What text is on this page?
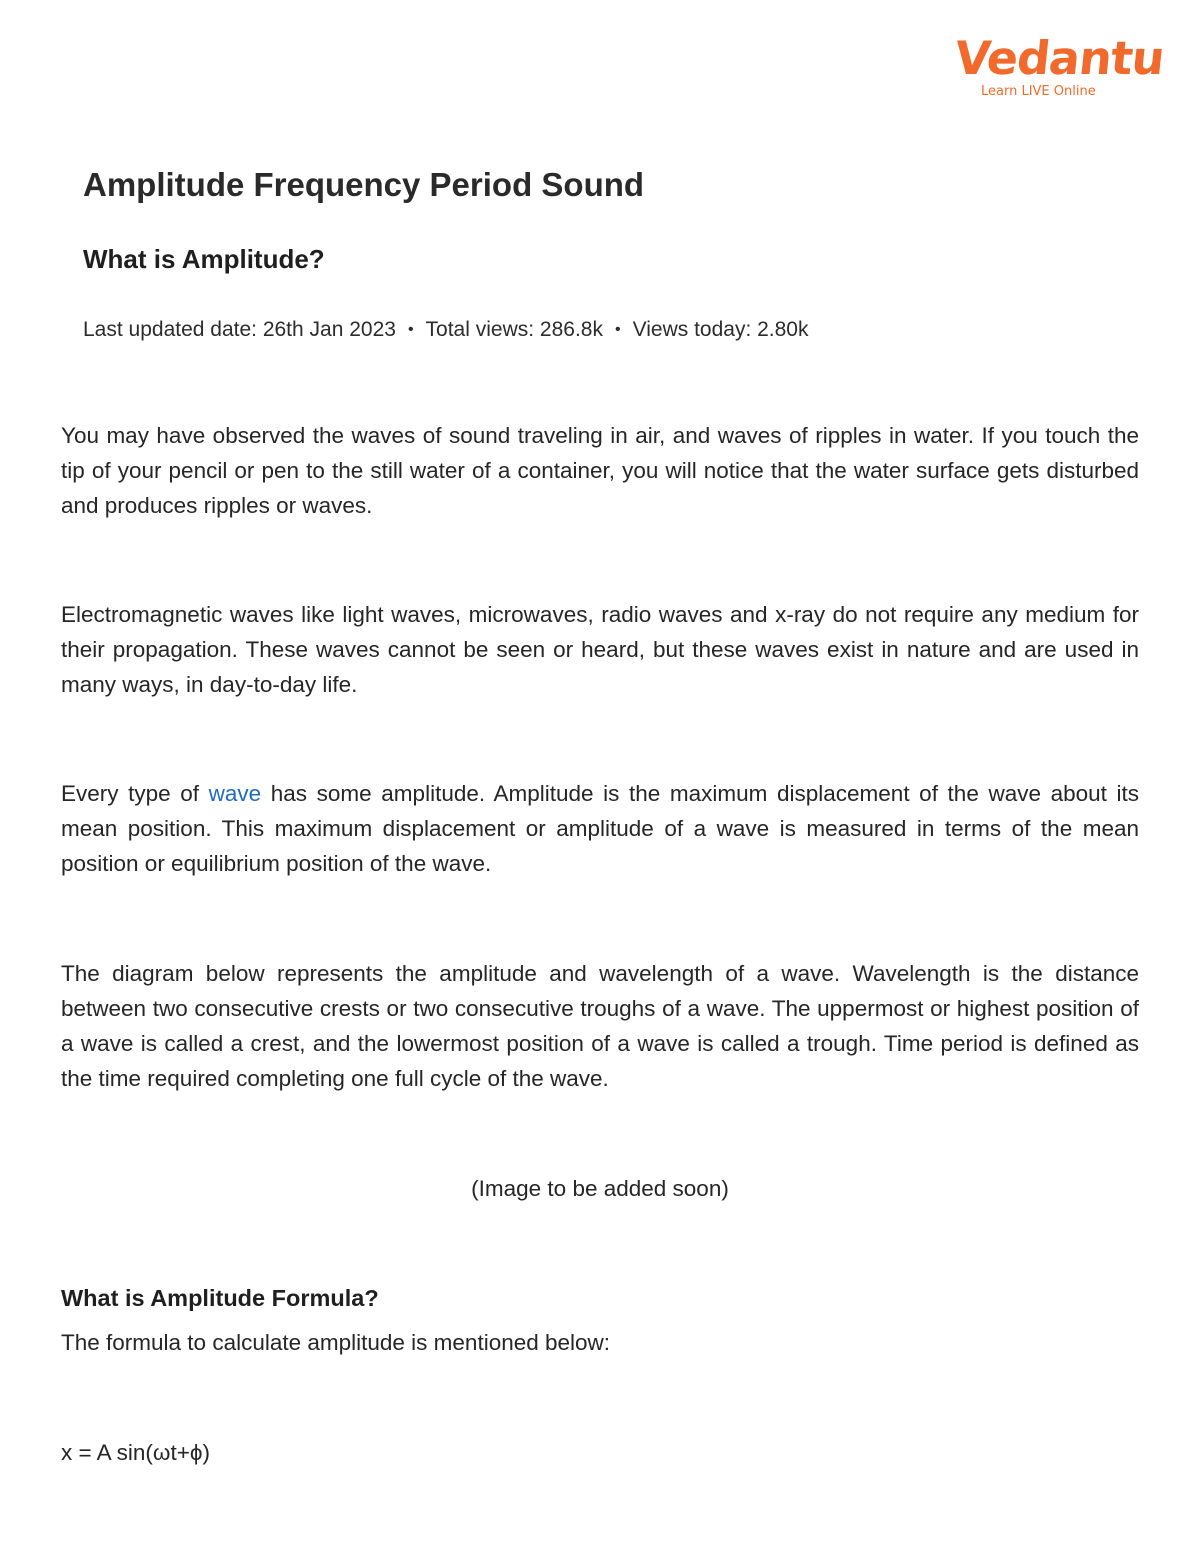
Vedantu
Learn LIVE Online
Amplitude Frequency Period Sound
What is Amplitude?
Last updated date: 26th Jan 2023 • Total views: 286.8k • Views today: 2.80k

You may have observed the waves of sound traveling in air, and waves of ripples in water. If you touch the tip of your pencil or pen to the still water of a container, you will notice that the water surface gets disturbed and produces ripples or waves.

Electromagnetic waves like light waves, microwaves, radio waves and x-ray do not require any medium for their propagation. These waves cannot be seen or heard, but these waves exist in nature and are used in many ways, in day-to-day life.

Every type of wave has some amplitude. Amplitude is the maximum displacement of the wave about its mean position. This maximum displacement or amplitude of a wave is measured in terms of the mean position or equilibrium position of the wave.

The diagram below represents the amplitude and wavelength of a wave. Wavelength is the distance between two consecutive crests or two consecutive troughs of a wave. The uppermost or highest position of a wave is called a crest, and the lowermost position of a wave is called a trough. Time period is defined as the time required completing one full cycle of the wave.

(Image to be added soon)
What is Amplitude Formula?
The formula to calculate amplitude is mentioned below:
x = A sin(ωt+ϕ)
